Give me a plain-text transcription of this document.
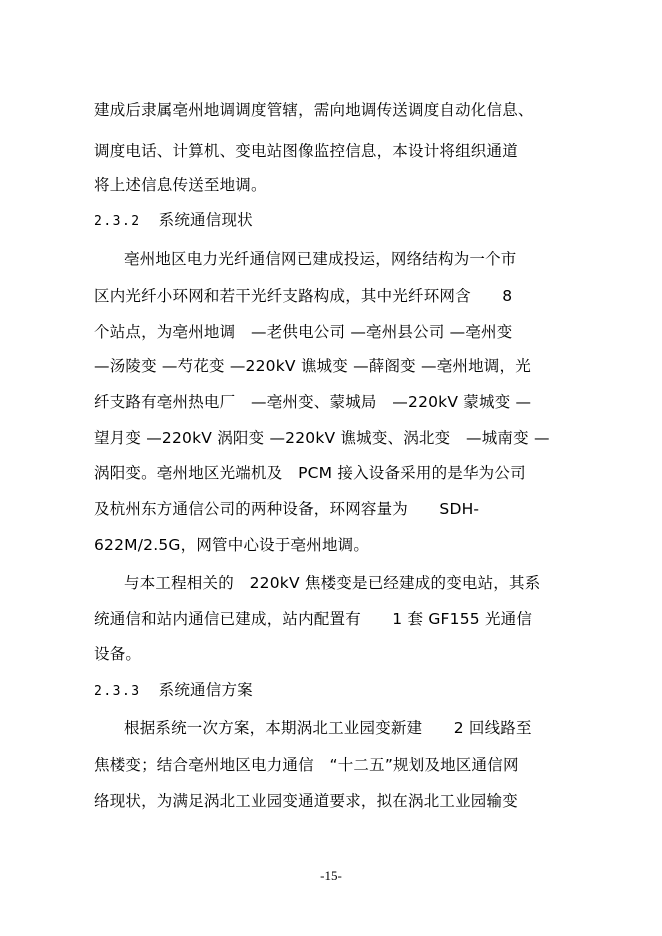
建成后隶属亳州地调调度管辖，需向地调传送调度自动化信息、
调度电话、计算机、变电站图像监控信息，本设计将组织通道
将上述信息传送至地调。
2.3.2 系统通信现状
亳州地区电力光纤通信网已建成投运，网络结构为一个市
区内光纤小环网和若干光纤支路构成，其中光纤环网含　　8
个站点，为亳州地调　—老供电公司 —亳州县公司 —亳州变
—汤陵变 —芍花变 —220kV 谯城变 —薛阁变 —亳州地调，光
纤支路有亳州热电厂　—亳州变、蒙城局　—220kV 蒙城变 —
望月变 —220kV 涡阳变 —220kV 谯城变、涡北变　—城南变 —
涡阳变。亳州地区光端机及　PCM 接入设备采用的是华为公司
及杭州东方通信公司的两种设备，环网容量为　　SDH-
622M/2.5G，网管中心设于亳州地调。
与本工程相关的　220kV 焦楼变是已经建成的变电站，其系
统通信和站内通信已建成，站内配置有　　1 套 GF155 光通信
设备。
2.3.3 系统通信方案
根据系统一次方案，本期涡北工业园变新建　　2 回线路至
焦楼变；结合亳州地区电力通信　“十二五”规划及地区通信网
络现状，为满足涡北工业园变通道要求，拟在涡北工业园输变
-15-
